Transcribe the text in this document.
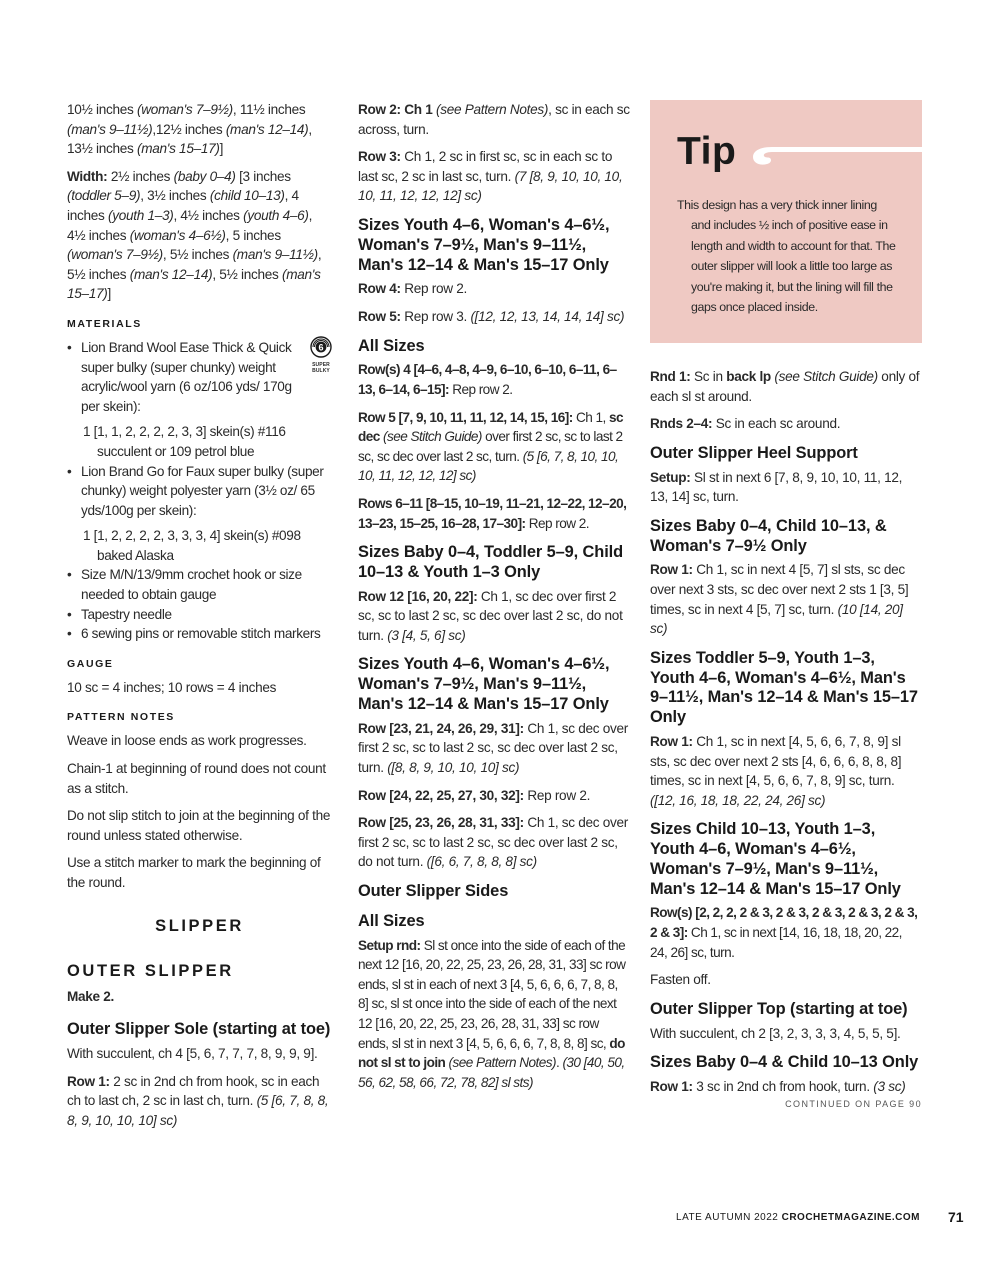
10½ inches (woman's 7–9½), 11½ inches (man's 9–11½),12½ inches (man's 12–14), 13½ inches (man's 15–17)]

Width: 2½ inches (baby 0–4) [3 inches (toddler 5–9), 3½ inches (child 10–13), 4 inches (youth 1–3), 4½ inches (youth 4–6), 4½ inches (woman's 4–6½), 5 inches (woman's 7–9½), 5½ inches (man's 9–11½), 5½ inches (man's 12–14), 5½ inches (man's 15–17)]

MATERIALS
6
SUPER BULKY
• Lion Brand Wool Ease Thick & Quick super bulky (super chunky) weight acrylic/wool yarn (6 oz/106 yds/ 170g per skein):

1 [1, 1, 2, 2, 2, 2, 3, 3] skein(s) #116 succulent or 109 petrol blue

• Lion Brand Go for Faux super bulky (super chunky) weight polyester yarn (3½ oz/ 65 yds/100g per skein):

1 [1, 2, 2, 2, 2, 3, 3, 3, 4] skein(s) #098 baked Alaska

• Size M/N/13/9mm crochet hook or size needed to obtain gauge
• Tapestry needle
• 6 sewing pins or removable stitch markers
GAUGE

10 sc = 4 inches; 10 rows = 4 inches

PATTERN NOTES

Weave in loose ends as work progresses.

Chain-1 at beginning of round does not count as a stitch.

Do not slip stitch to join at the beginning of the round unless stated otherwise.

Use a stitch marker to mark the beginning of the round.

SLIPPER
OUTER SLIPPER

Make 2.

Outer Slipper Sole (starting at toe)

With succulent, ch 4 [5, 6, 7, 7, 7, 8, 9, 9, 9].

Row 1: 2 sc in 2nd ch from hook, sc in each ch to last ch, 2 sc in last ch, turn. (5 [6, 7, 8, 8, 8, 9, 10, 10, 10] sc)

Row 2: Ch 1 (see Pattern Notes), sc in each sc across, turn.

Row 3: Ch 1, 2 sc in first sc, sc in each sc to last sc, 2 sc in last sc, turn. (7 [8, 9, 10, 10, 10, 10, 11, 12, 12, 12] sc)

Sizes Youth 4–6, Woman's 4–6½, Woman's 7–9½, Man's 9–11½, Man's 12–14 & Man's 15–17 Only

Row 4: Rep row 2.

Row 5: Rep row 3. ([12, 12, 13, 14, 14, 14] sc)

All Sizes

Row(s) 4 [4–6, 4–8, 4–9, 6–10, 6–10, 6–11, 6–13, 6–14, 6–15]: Rep row 2.

Row 5 [7, 9, 10, 11, 11, 12, 14, 15, 16]: Ch 1, sc dec (see Stitch Guide) over first 2 sc, sc to last 2 sc, sc dec over last 2 sc, turn. (5 [6, 7, 8, 10, 10, 10, 11, 12, 12, 12] sc)

Rows 6–11 [8–15, 10–19, 11–21, 12–22, 12–20, 13–23, 15–25, 16–28, 17–30]: Rep row 2.

Sizes Baby 0–4, Toddler 5–9, Child 10–13 & Youth 1–3 Only

Row 12 [16, 20, 22]: Ch 1, sc dec over first 2 sc, sc to last 2 sc, sc dec over last 2 sc, do not turn. (3 [4, 5, 6] sc)

Sizes Youth 4–6, Woman's 4–6½, Woman's 7–9½, Man's 9–11½, Man's 12–14 & Man's 15–17 Only

Row [23, 21, 24, 26, 29, 31]: Ch 1, sc dec over first 2 sc, sc to last 2 sc, sc dec over last 2 sc, turn. ([8, 8, 9, 10, 10, 10] sc)

Row [24, 22, 25, 27, 30, 32]: Rep row 2.

Row [25, 23, 26, 28, 31, 33]: Ch 1, sc dec over first 2 sc, sc to last 2 sc, sc dec over last 2 sc, do not turn. ([6, 6, 7, 8, 8, 8] sc)

Outer Slipper Sides
All Sizes

Setup rnd: Sl st once into the side of each of the next 12 [16, 20, 22, 25, 23, 26, 28, 31, 33] sc row ends, sl st in each of next 3 [4, 5, 6, 6, 6, 7, 8, 8, 8] sc, sl st once into the side of each of the next 12 [16, 20, 22, 25, 23, 26, 28, 31, 33] sc row ends, sl st in next 3 [4, 5, 6, 6, 6, 7, 8, 8, 8] sc, do not sl st to join (see Pattern Notes). (30 [40, 50, 56, 62, 58, 66, 72, 78, 82] sl sts)

Tip
This design has a very thick inner lining and includes ½ inch of positive ease in length and width to account for that. The outer slipper will look a little too large as you're making it, but the lining will fill the gaps once placed inside.

Rnd 1: Sc in back lp (see Stitch Guide) only of each sl st around.

Rnds 2–4: Sc in each sc around.

Outer Slipper Heel Support

Setup: Sl st in next 6 [7, 8, 9, 10, 10, 11, 12, 13, 14] sc, turn.

Sizes Baby 0–4, Child 10–13, & Woman's 7–9½ Only

Row 1: Ch 1, sc in next 4 [5, 7] sl sts, sc dec over next 3 sts, sc dec over next 2 sts 1 [3, 5] times, sc in next 4 [5, 7] sc, turn. (10 [14, 20] sc)

Sizes Toddler 5–9, Youth 1–3, Youth 4–6, Woman's 4–6½, Man's 9–11½, Man's 12–14 & Man's 15–17 Only

Row 1: Ch 1, sc in next [4, 5, 6, 6, 7, 8, 9] sl sts, sc dec over next 2 sts [4, 6, 6, 6, 8, 8, 8] times, sc in next [4, 5, 6, 6, 7, 8, 9] sc, turn. ([12, 16, 18, 18, 22, 24, 26] sc)

Sizes Child 10–13, Youth 1–3, Youth 4–6, Woman's 4–6½, Woman's 7–9½, Man's 9–11½, Man's 12–14 & Man's 15–17 Only

Row(s) [2, 2, 2, 2 & 3, 2 & 3, 2 & 3, 2 & 3, 2 & 3, 2 & 3]: Ch 1, sc in next [14, 16, 18, 18, 20, 22, 24, 26] sc, turn.

Fasten off.

Outer Slipper Top (starting at toe)

With succulent, ch 2 [3, 2, 3, 3, 3, 4, 5, 5, 5].

Sizes Baby 0–4 & Child 10–13 Only

Row 1: 3 sc in 2nd ch from hook, turn. (3 sc)

CONTINUED ON PAGE 90
LATE AUTUMN 2022 CROCHETMAGAZINE.COM 71
